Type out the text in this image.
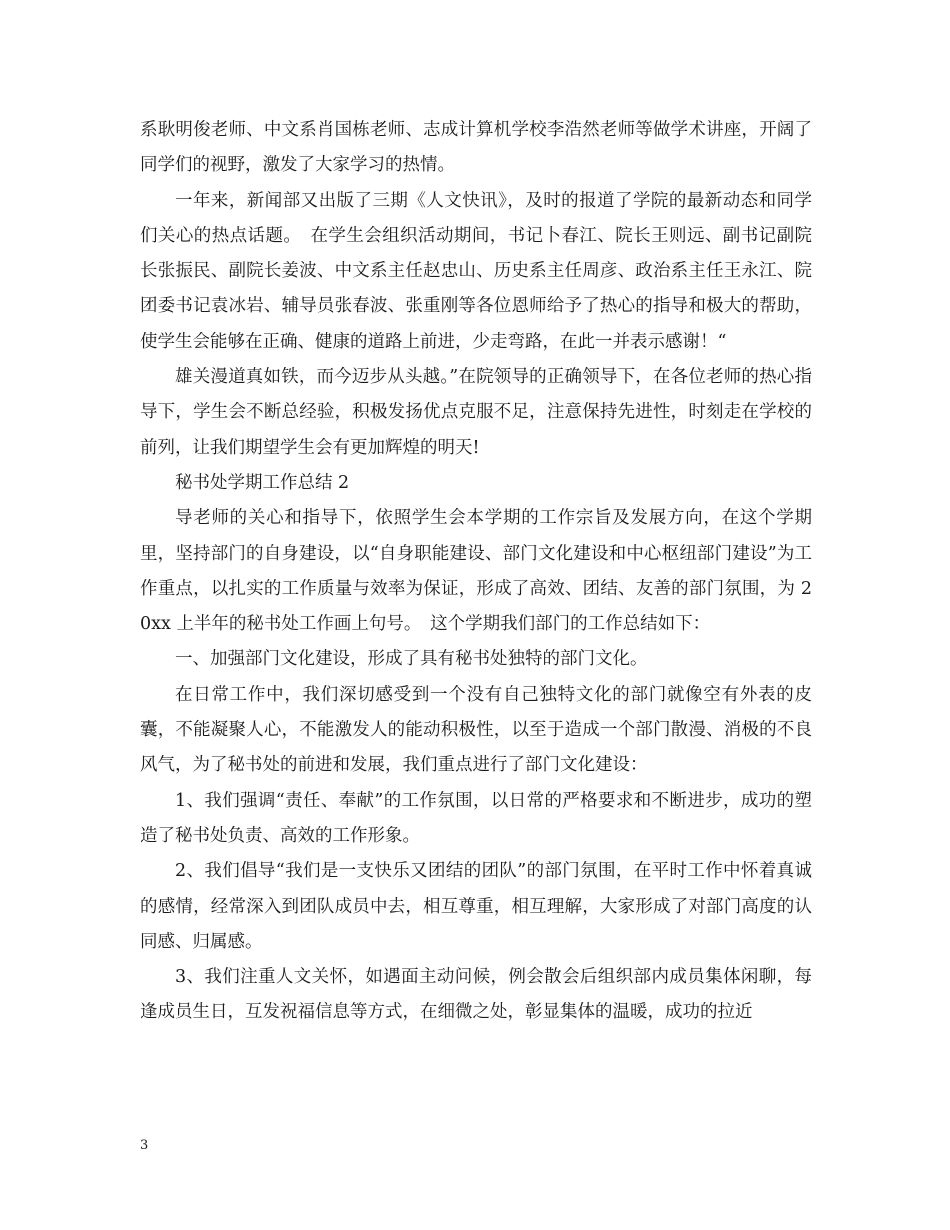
系耿明俊老师、中文系肖国栋老师、志成计算机学校李浩然老师等做学术讲座，开阔了同学们的视野，激发了大家学习的热情。

一年来，新闻部又出版了三期《人文快讯》，及时的报道了学院的最新动态和同学们关心的热点话题。　在学生会组织活动期间，书记卜春江、院长王则远、副书记副院长张振民、副院长姜波、中文系主任赵忠山、历史系主任周彦、政治系主任王永江、院团委书记袁冰岩、辅导员张春波、张重刚等各位恩师给予了热心的指导和极大的帮助，使学生会能够在正确、健康的道路上前进，少走弯路，在此一并表示感谢！“

雄关漫道真如铁，而今迈步从头越。”在院领导的正确领导下，在各位老师的热心指导下，学生会不断总经验，积极发扬优点克服不足，注意保持先进性，时刻走在学校的前列，让我们期望学生会有更加辉煌的明天!

秘书处学期工作总结 2

导老师的关心和指导下，依照学生会本学期的工作宗旨及发展方向，在这个学期里，坚持部门的自身建设，以“自身职能建设、部门文化建设和中心枢纽部门建设”为工作重点，以扎实的工作质量与效率为保证，形成了高效、团结、友善的部门氛围，为 20xx 上半年的秘书处工作画上句号。　这个学期我们部门的工作总结如下：

一、加强部门文化建设，形成了具有秘书处独特的部门文化。

在日常工作中，我们深切感受到一个没有自己独特文化的部门就像空有外表的皮囊，不能凝聚人心，不能激发人的能动积极性，以至于造成一个部门散漫、消极的不良风气，为了秘书处的前进和发展，我们重点进行了部门文化建设：

1、我们强调“责任、奉献”的工作氛围，以日常的严格要求和不断进步，成功的塑造了秘书处负责、高效的工作形象。

2、我们倡导“我们是一支快乐又团结的团队”的部门氛围，在平时工作中怀着真诚的感情，经常深入到团队成员中去，相互尊重，相互理解，大家形成了对部门高度的认同感、归属感。

3、我们注重人文关怀，如遇面主动问候，例会散会后组织部内成员集体闲聊，每逢成员生日，互发祝福信息等方式，在细微之处，彰显集体的温暖，成功的拉近

3
